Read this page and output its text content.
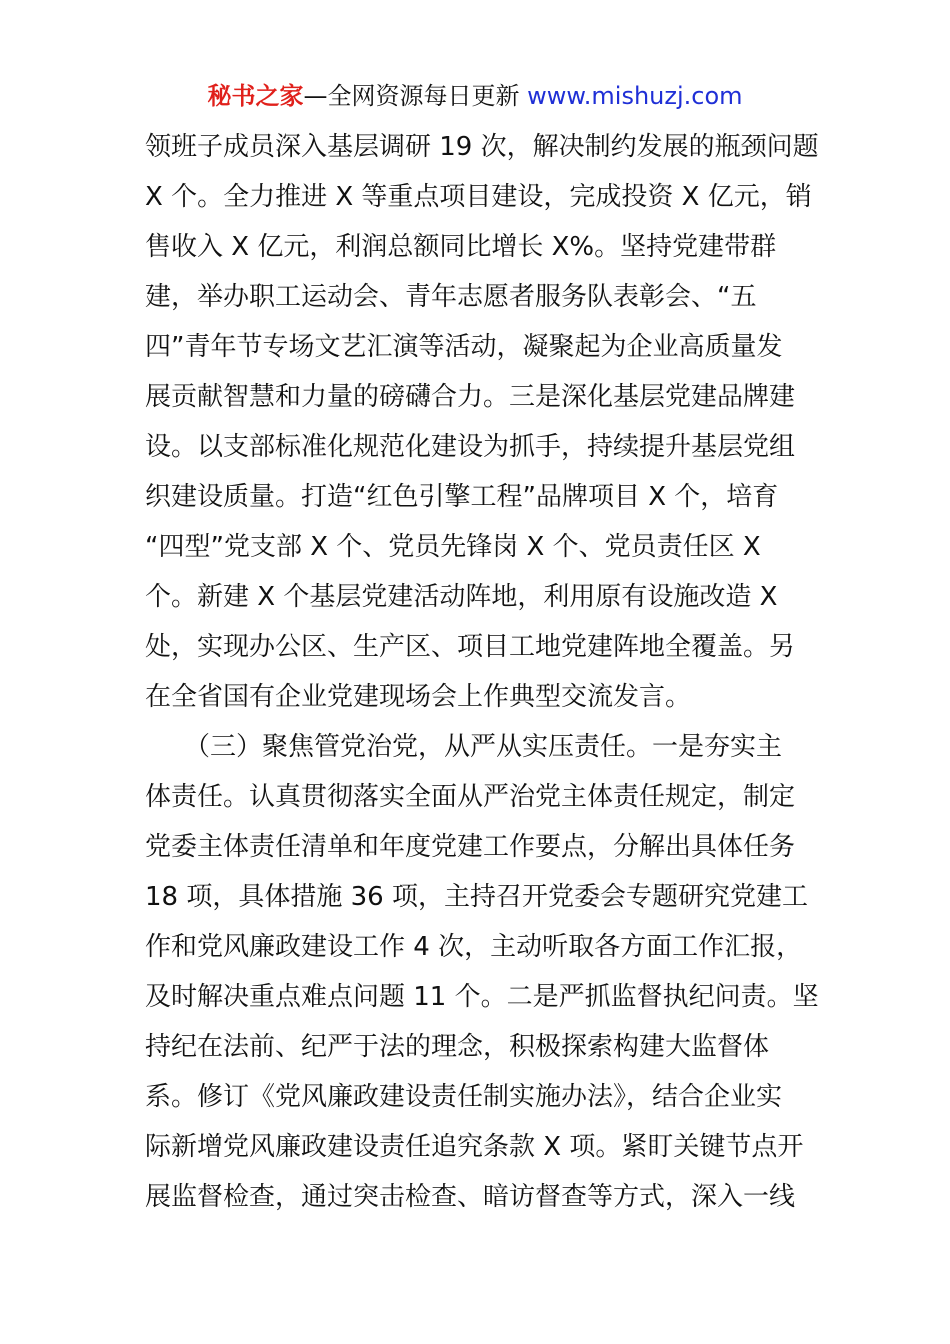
秘书之家—全网资源每日更新 www.mishuzj.com
领班子成员深入基层调研 19 次，解决制约发展的瓶颈问题
X 个。全力推进 X 等重点项目建设，完成投资 X 亿元，销
售收入 X 亿元，利润总额同比增长 X%。坚持党建带群
建，举办职工运动会、青年志愿者服务队表彰会、“五
四”青年节专场文艺汇演等活动，凝聚起为企业高质量发
展贡献智慧和力量的磅礴合力。三是深化基层党建品牌建
设。以支部标准化规范化建设为抓手，持续提升基层党组
织建设质量。打造“红色引擎工程”品牌项目 X 个，培育
“四型”党支部 X 个、党员先锋岗 X 个、党员责任区 X
个。新建 X 个基层党建活动阵地，利用原有设施改造 X
处，实现办公区、生产区、项目工地党建阵地全覆盖。另
在全省国有企业党建现场会上作典型交流发言。
　　（三）聚焦管党治党，从严从实压责任。一是夯实主
体责任。认真贯彻落实全面从严治党主体责任规定，制定
党委主体责任清单和年度党建工作要点，分解出具体任务
18 项，具体措施 36 项，主持召开党委会专题研究党建工
作和党风廉政建设工作 4 次，主动听取各方面工作汇报，
及时解决重点难点问题 11 个。二是严抓监督执纪问责。坚
持纪在法前、纪严于法的理念，积极探索构建大监督体
系。修订《党风廉政建设责任制实施办法》，结合企业实
际新增党风廉政建设责任追究条款 X 项。紧盯关键节点开
展监督检查，通过突击检查、暗访督查等方式，深入一线
